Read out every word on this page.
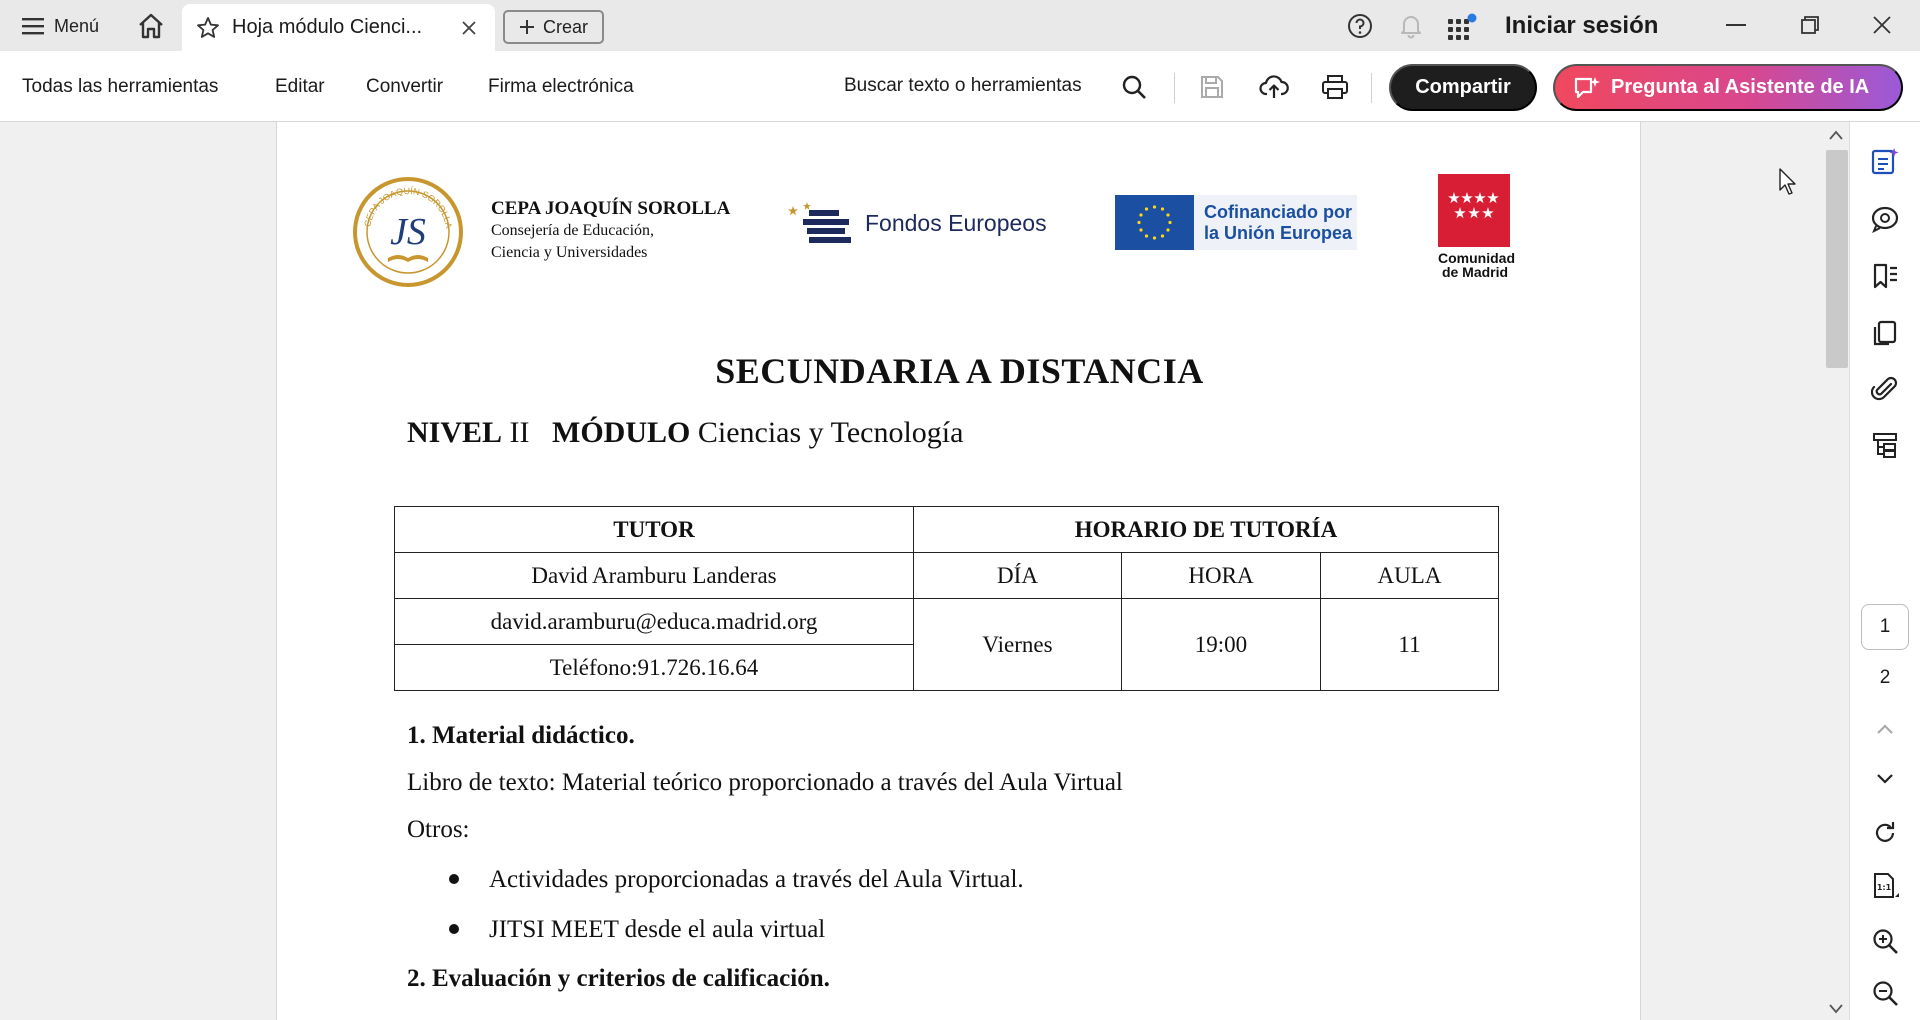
Menú	Hoja módulo Cienci...	Crear	Iniciar sesión
Todas las herramientas	Editar Convertir Firma electrónica	Buscar texto o herramientas	Compartir	Pregunta al Asistente de IA
CEPA JOAQUÍN SOROLLA
JS
CEPA JOAQUÍN SOROLLA
Consejería de Educación,
Ciencia y Universidades
Fondos Europeos	Cofinanciado por
la Unión Europea
★ ★ ★ ★
★ ★ ★
Comunidad
de Madrid
SECUNDARIA A DISTANCIA
NIVEL II MÓDULO Ciencias y Tecnología
TUTOR	HORARIO DE TUTORÍA		
David Aramburu Landeras	DÍA	HORA	AULA
david.aramburu@educa.madrid.org	Viernes	19:00	11
Teléfono:91.726.16.64			
1. Material didáctico.
Libro de texto: Material teórico proporcionado a través del Aula Virtual
Otros:
Actividades proporcionadas a través del Aula Virtual.
JITSI MEET desde el aula virtual
2. Evaluación y criterios de calificación.
1
2
1:1
